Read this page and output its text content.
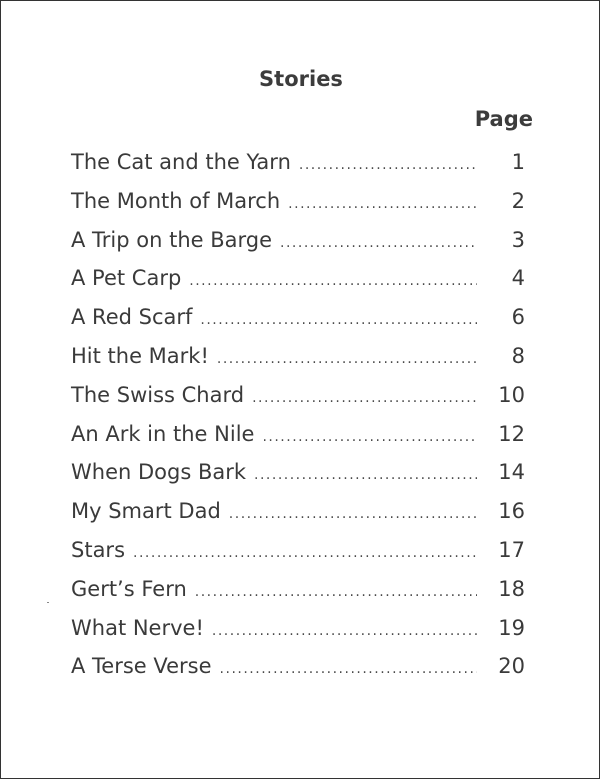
Stories
Page
The Cat and the Yarn .....	1
The Month of March .....	2
A Trip on the Barge .....	3
A Pet Carp .....	4
A Red Scarf .....	6
Hit the Mark! .....	8
The Swiss Chard .....	10
An Ark in the Nile .....	12
When Dogs Bark .....	14
My Smart Dad .....	16
Stars .....	17
Gert’s Fern .....	18
What Nerve! .....	19
A Terse Verse .....	20
